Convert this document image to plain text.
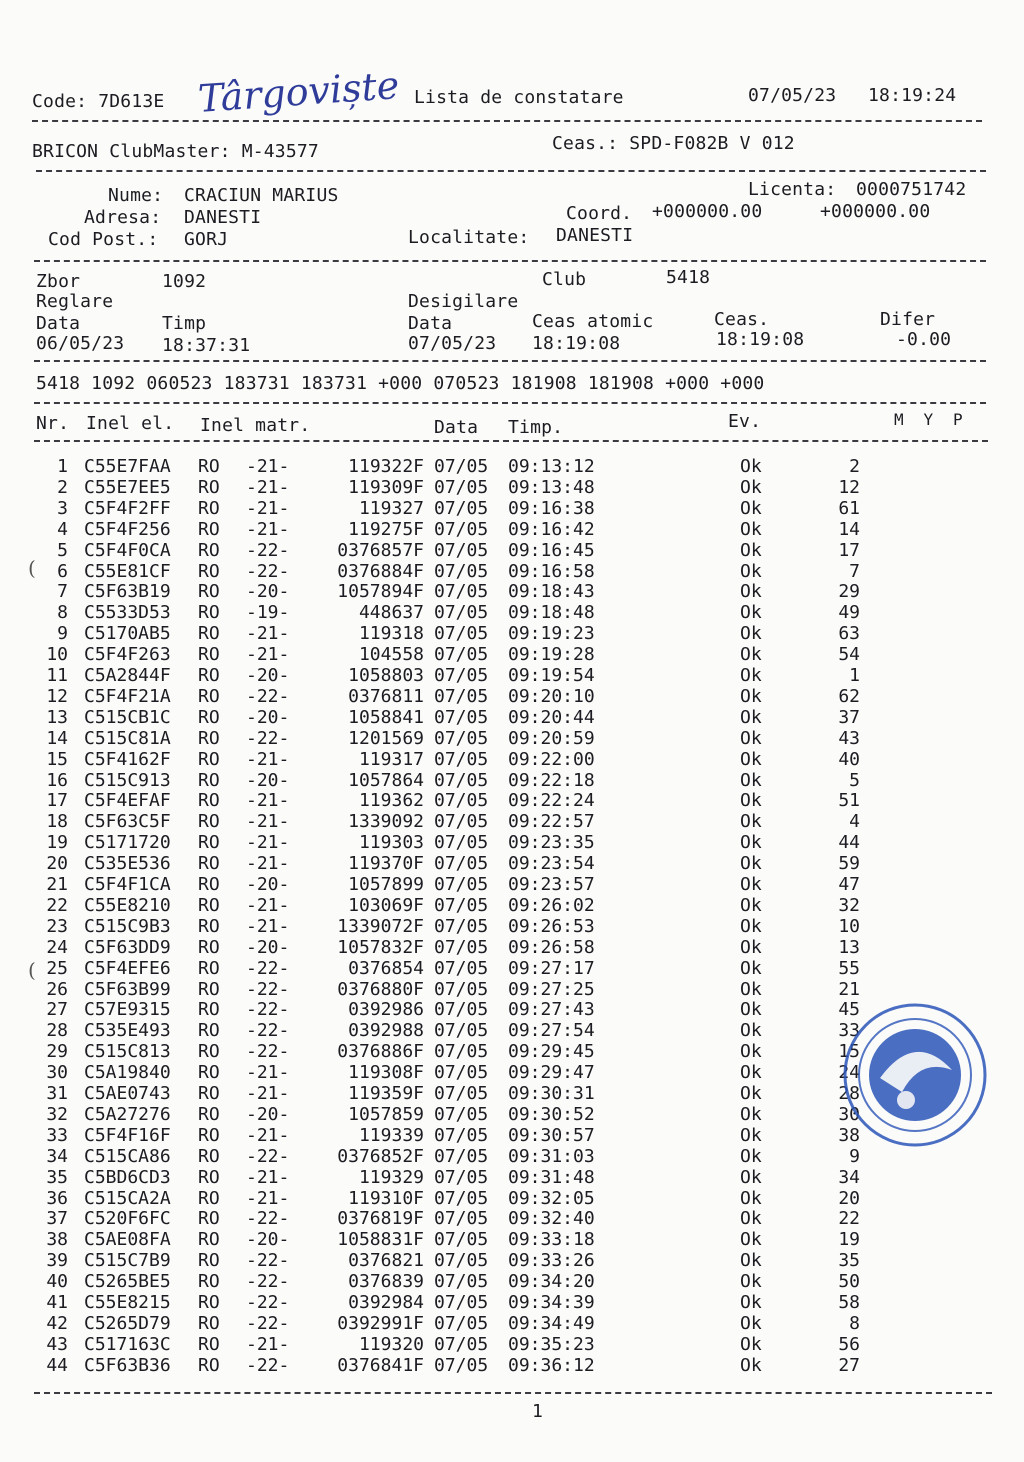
Code: 7D613E Târgoviște Lista de constatare	07/05/23 18:19:24
BRICON ClubMaster: M-43577	Ceas.: SPD-F082B V 012
Nume: CRACIUN MARIUS
Adresa: DANESTI
Cod Post.: GORJ
Licenta: 0000751742
Coord. +000000.00	+000000.00
Localitate: DANESTI
Zbor	1092	Club	5418
Reglare	Desigilare
Data	Timp	Data	Ceas atomic	Ceas.	Difer
06/05/23 18:37:31	07/05/23 18:19:08	18:19:08	-0.00
5418 1092 060523 183731 183731 +000 070523 181908 181908 +000 +000
Nr. Inel el. Inel matr.	Data Timp.	Ev.	M  Y  P
1 C55E7FAA	RO	-21-	119322F 07/05	09:13:12	Ok	2
2 C55E7EE5	RO	-21-	119309F 07/05	09:13:48	Ok	12
3 C5F4F2FF	RO	-21-	119327 07/05	09:16:38	Ok	61
4 C5F4F256	RO	-21-	119275F 07/05	09:16:42	Ok	14
5 C5F4F0CA	RO	-22-	0376857F 07/05	09:16:45	Ok	17
6 C55E81CF	RO	-22-	0376884F 07/05	09:16:58	Ok	7
7 C5F63B19	RO	-20-	1057894F 07/05	09:18:43	Ok	29
8 C5533D53	RO	-19-	448637 07/05	09:18:48	Ok	49
9 C5170AB5	RO	-21-	119318 07/05	09:19:23	Ok	63
10 C5F4F263	RO	-21-	104558 07/05	09:19:28	Ok	54
11 C5A2844F	RO	-20-	1058803 07/05	09:19:54	Ok	1
12 C5F4F21A	RO	-22-	0376811 07/05	09:20:10	Ok	62
13 C515CB1C	RO	-20-	1058841 07/05	09:20:44	Ok	37
14 C515C81A	RO	-22-	1201569 07/05	09:20:59	Ok	43
15 C5F4162F	RO	-21-	119317 07/05	09:22:00	Ok	40
16 C515C913	RO	-20-	1057864 07/05	09:22:18	Ok	5
17 C5F4EFAF	RO	-21-	119362 07/05	09:22:24	Ok	51
18 C5F63C5F	RO	-21-	1339092 07/05	09:22:57	Ok	4
19 C5171720	RO	-21-	119303 07/05	09:23:35	Ok	44
20 C535E536	RO	-21-	119370F 07/05	09:23:54	Ok	59
21 C5F4F1CA	RO	-20-	1057899 07/05	09:23:57	Ok	47
22 C55E8210	RO	-21-	103069F 07/05	09:26:02	Ok	32
23 C515C9B3	RO	-21-	1339072F 07/05	09:26:53	Ok	10
24 C5F63DD9	RO	-20-	1057832F 07/05	09:26:58	Ok	13
25 C5F4EFE6	RO	-22-	0376854 07/05	09:27:17	Ok	55
26 C5F63B99	RO	-22-	0376880F 07/05	09:27:25	Ok	21
27 C57E9315	RO	-22-	0392986 07/05	09:27:43	Ok	45
28 C535E493	RO	-22-	0392988 07/05	09:27:54	Ok	33
29 C515C813	RO	-22-	0376886F 07/05	09:29:45	Ok	15
30 C5A19840	RO	-21-	119308F 07/05	09:29:47	Ok	24
31 C5AE0743	RO	-21-	119359F 07/05	09:30:31	Ok	28
32 C5A27276	RO	-20-	1057859 07/05	09:30:52	Ok	30
33 C5F4F16F	RO	-21-	119339 07/05	09:30:57	Ok	38
34 C515CA86	RO	-22-	0376852F 07/05	09:31:03	Ok	9
35 C5BD6CD3	RO	-21-	119329 07/05	09:31:48	Ok	34
36 C515CA2A	RO	-21-	119310F 07/05	09:32:05	Ok	20
37 C520F6FC	RO	-22-	0376819F 07/05	09:32:40	Ok	22
38 C5AE08FA	RO	-20-	1058831F 07/05	09:33:18	Ok	19
39 C515C7B9	RO	-22-	0376821 07/05	09:33:26	Ok	35
40 C5265BE5	RO	-22-	0376839 07/05	09:34:20	Ok	50
41 C55E8215	RO	-22-	0392984 07/05	09:34:39	Ok	58
42 C5265D79	RO	-22-	0392991F 07/05	09:34:49	Ok	8
43 C517163C	RO	-21-	119320 07/05	09:35:23	Ok	56
44 C5F63B36	RO	-22-	0376841F 07/05	09:36:12	Ok	27
(
(
1
